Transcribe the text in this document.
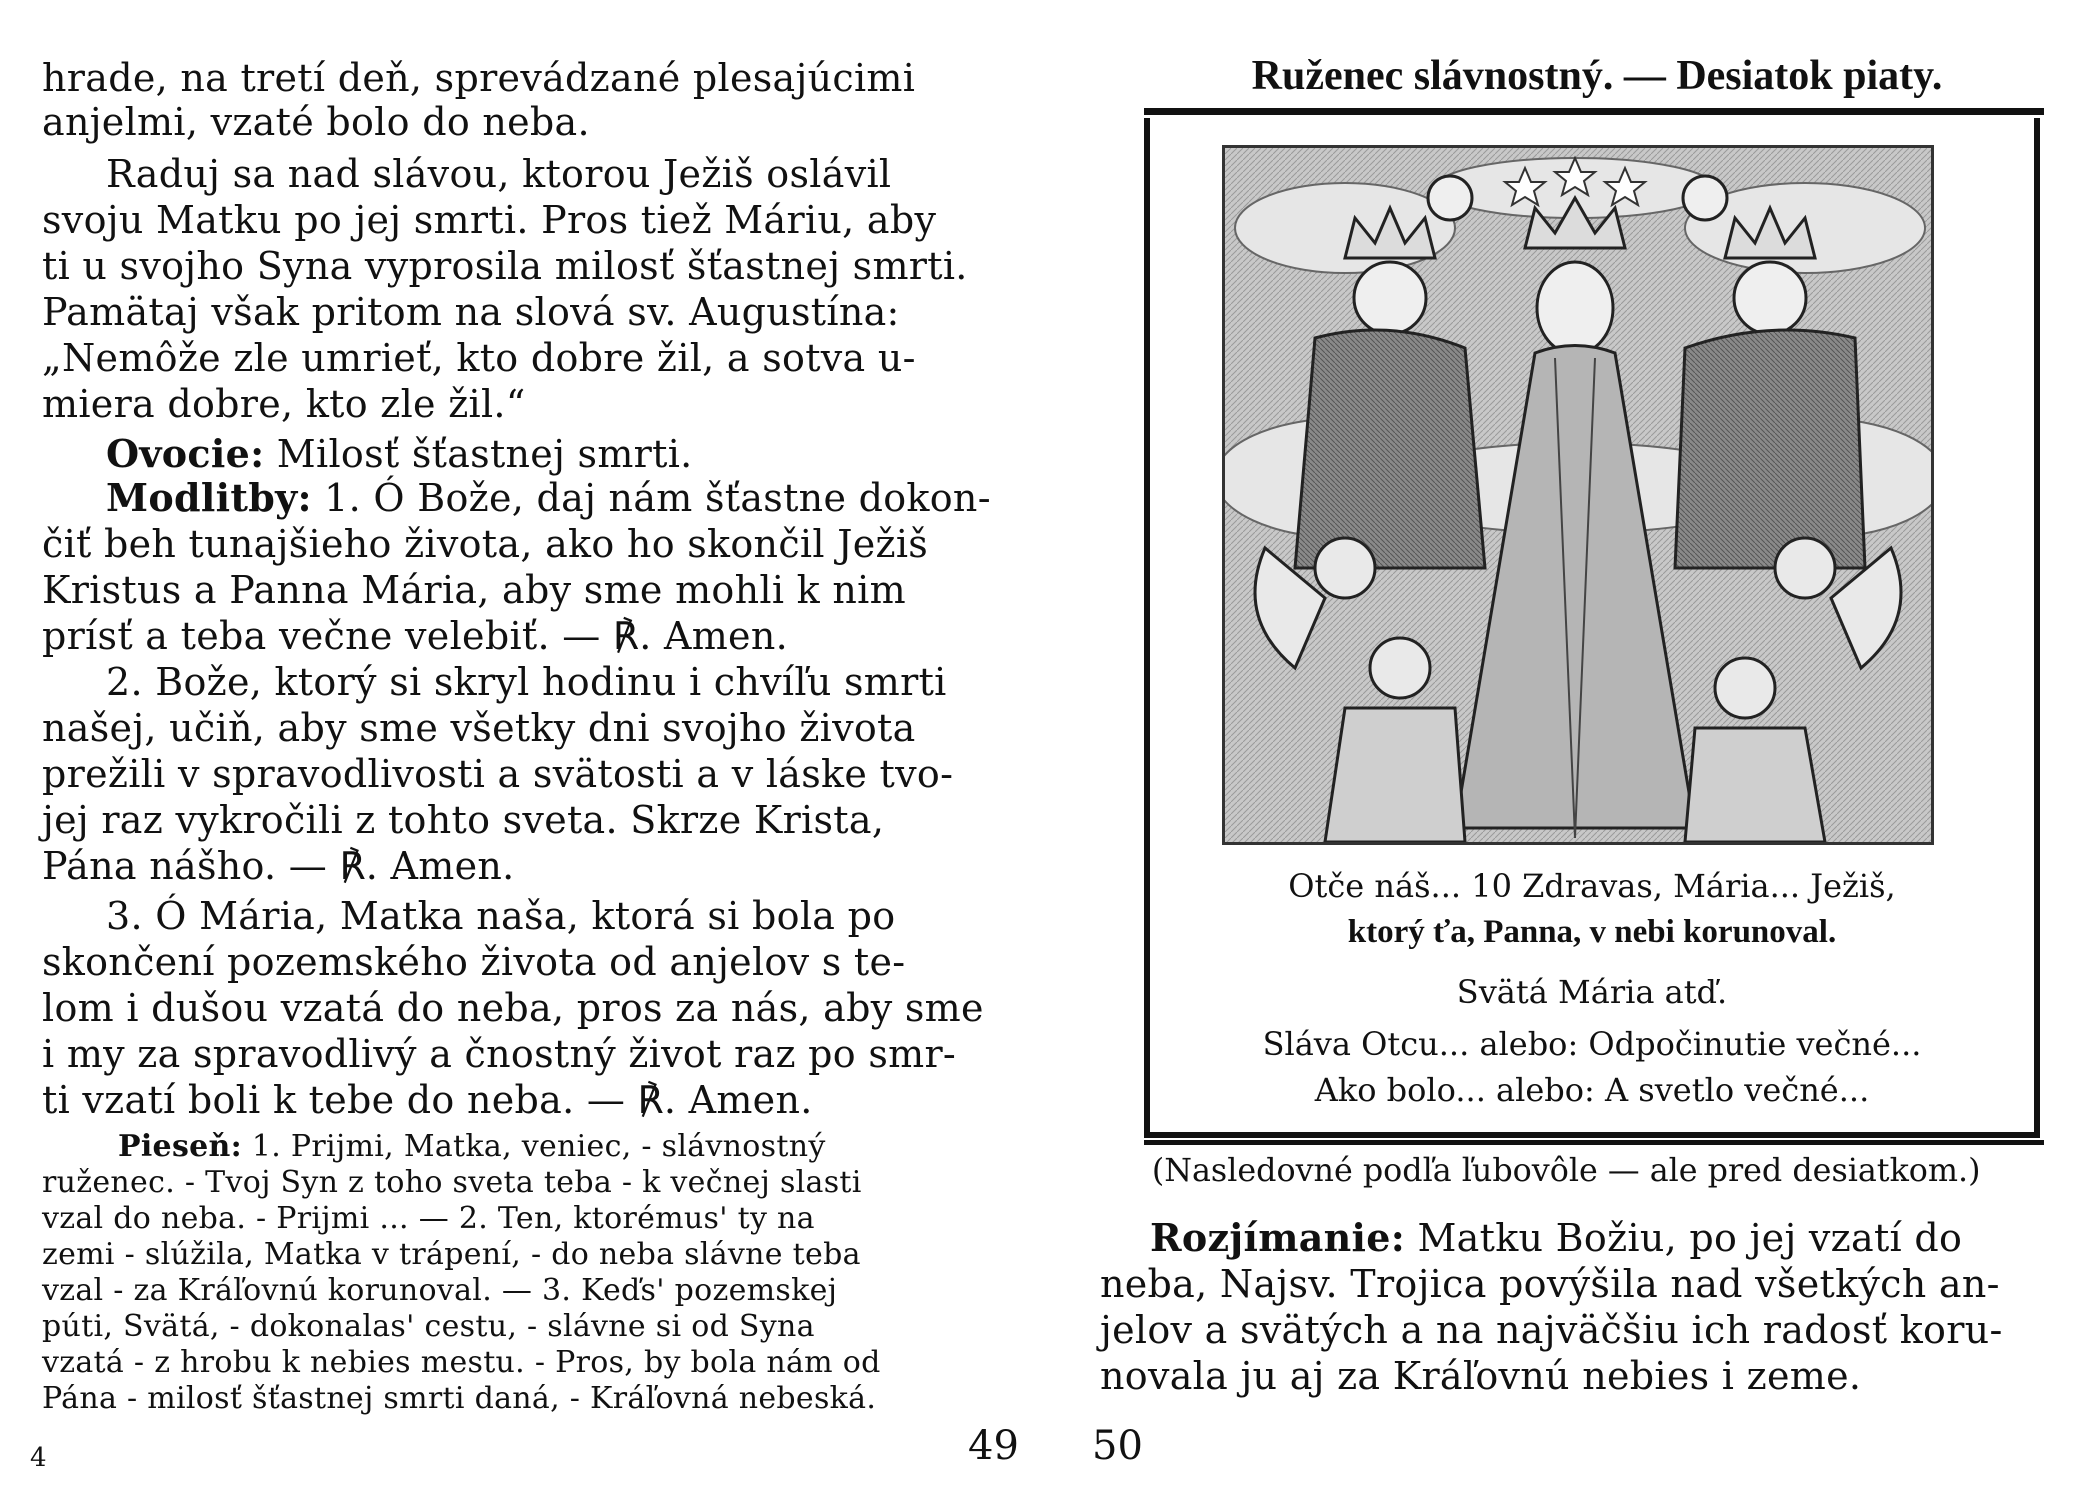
hrade, na tretí deň, sprevádzané plesajúcimi
anjelmi, vzaté bolo do neba.
Raduj sa nad slávou, ktorou Ježiš oslávil
svoju Matku po jej smrti. Pros tiež Máriu, aby
ti u svojho Syna vyprosila milosť šťastnej smrti.
Pamätaj však pritom na slová sv. Augustína:
„Nemôže zle umrieť, kto dobre žil, a sotva u-
miera dobre, kto zle žil.“
Ovocie: Milosť šťastnej smrti.
Modlitby: 1. Ó Bože, daj nám šťastne dokon-
čiť beh tunajšieho života, ako ho skončil Ježiš
Kristus a Panna Mária, aby sme mohli k nim
prísť a teba večne velebiť. — ℟. Amen.
2. Bože, ktorý si skryl hodinu i chvíľu smrti
našej, učiň, aby sme všetky dni svojho života
prežili v spravodlivosti a svätosti a v láske tvo-
jej raz vykročili z tohto sveta. Skrze Krista,
Pána nášho. — ℟. Amen.
3. Ó Mária, Matka naša, ktorá si bola po
skončení pozemského života od anjelov s te-
lom i dušou vzatá do neba, pros za nás, aby sme
i my za spravodlivý a čnostný život raz po smr-
ti vzatí boli k tebe do neba. — ℟. Amen.
Pieseň: 1. Prijmi, Matka, veniec, - slávnostný
ruženec. - Tvoj Syn z toho sveta teba - k večnej slasti
vzal do neba. - Prijmi ... — 2. Ten, ktorémus' ty na
zemi - slúžila, Matka v trápení, - do neba slávne teba
vzal - za Kráľovnú korunoval. — 3. Keďs' pozemskej
púti, Svätá, - dokonalas' cestu, - slávne si od Syna
vzatá - z hrobu k nebies mestu. - Pros, by bola nám od
Pána - milosť šťastnej smrti daná, - Kráľovná nebeská.
4	49
Ruženec slávnostný. — Desiatok piaty.
Otče náš... 10 Zdravas, Mária... Ježiš,
ktorý ťa, Panna, v nebi korunoval.
Svätá Mária atď.
Sláva Otcu... alebo: Odpočinutie večné...
Ako bolo... alebo: A svetlo večné...
(Nasledovné podľa ľubovôle — ale pred desiatkom.)
Rozjímanie: Matku Božiu, po jej vzatí do
neba, Najsv. Trojica povýšila nad všetkých an-
jelov a svätých a na najväčšiu ich radosť koru-
novala ju aj za Kráľovnú nebies i zeme.
50
